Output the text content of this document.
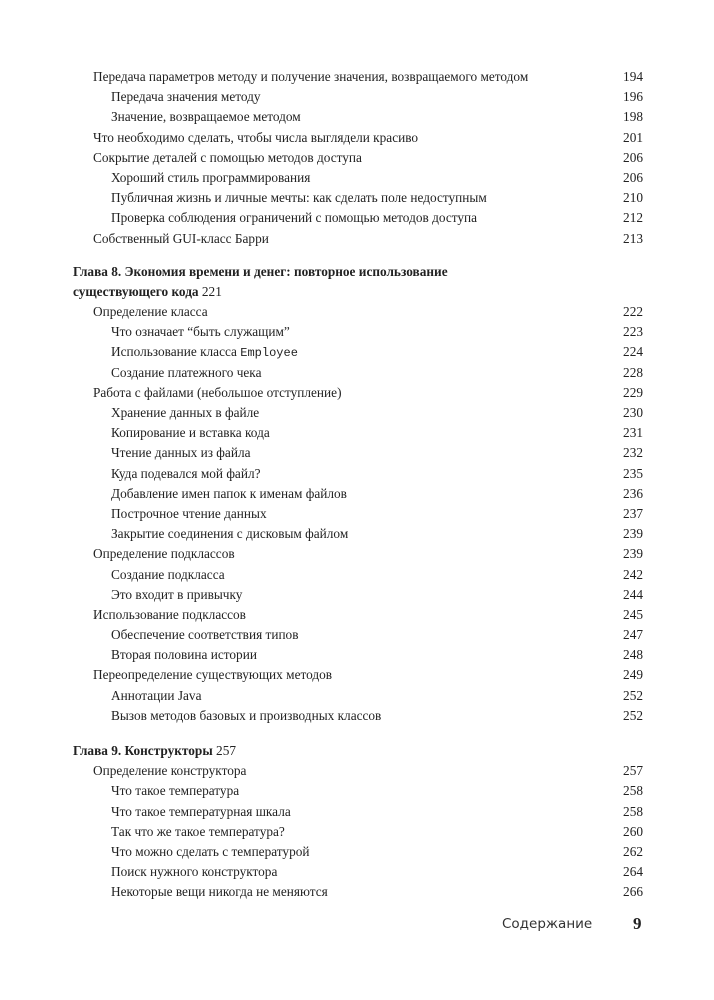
Передача параметров методу и получение значения, возвращаемого методом	194
Передача значения методу	196
Значение, возвращаемое методом	198
Что необходимо сделать, чтобы числа выглядели красиво	201
Сокрытие деталей с помощью методов доступа	206
Хороший стиль программирования	206
Публичная жизнь и личные мечты: как сделать поле недоступным	210
Проверка соблюдения ограничений с помощью методов доступа	212
Собственный GUI-класс Барри	213
Глава 8. Экономия времени и денег: повторное использование
существующего кода 221
Определение класса	222
Что означает “быть служащим”	223
Использование класса Employee	224
Создание платежного чека	228
Работа с файлами (небольшое отступление)	229
Хранение данных в файле	230
Копирование и вставка кода	231
Чтение данных из файла	232
Куда подевался мой файл?	235
Добавление имен папок к именам файлов	236
Построчное чтение данных	237
Закрытие соединения с дисковым файлом	239
Определение подклассов	239
Создание подкласса	242
Это входит в привычку	244
Использование подклассов	245
Обеспечение соответствия типов	247
Вторая половина истории	248
Переопределение существующих методов	249
Аннотации Java	252
Вызов методов базовых и производных классов	252
Глава 9. Конструкторы 257
Определение конструктора	257
Что такое температура	258
Что такое температурная шкала	258
Так что же такое температура?	260
Что можно сделать с температурой	262
Поиск нужного конструктора	264
Некоторые вещи никогда не меняются	266
Содержание 9
